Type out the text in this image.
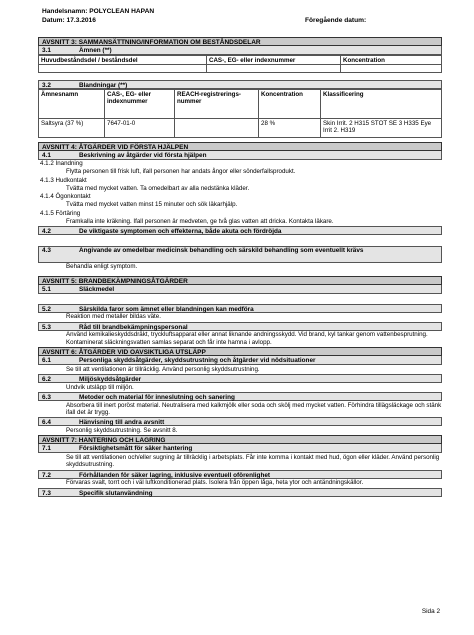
Handelsnamn: POLYCLEAN HAPAN
Datum: 17.3.2016	Föregående datum:
AVSNITT 3: SAMMANSÄTTNING/INFORMATION OM BESTÅNDSDELAR
3.1	Ämnen (**)
Huvudbeståndsdel / beståndsdel	CAS-, EG- eller indexnummer	Koncentration

3.2	Blandningar (**)
Ämnesnamn	CAS-, EG- eller indexnummer	REACH-registrerings-nummer	Koncentration	Klassificering
Saltsyra (37 %)	7647-01-0		28 %	Skin Irrit. 2 H315 STOT SE 3 H335 Eye Irrit 2. H319
AVSNITT 4: ÅTGÄRDER VID FÖRSTA HJÄLPEN
4.1	Beskrivning av åtgärder vid första hjälpen
4.1.2 Inandning
Flytta personen till frisk luft, ifall personen har andats ångor eller sönderfallsprodukt.
4.1.3 Hudkontakt
Tvätta med mycket vatten. Ta omedelbart av alla nedstänka kläder.
4.1.4 Ögonkontakt
Tvätta med mycket vatten minst 15 minuter och sök läkarhjälp.
4.1.5 Förtäring
Framkalla inte kräkning. Ifall personen är medveten, ge två glas vatten att dricka. Kontakta läkare.
4.2	De viktigaste symptomen och effekterna, både akuta och fördröjda
4.3	Angivande av omedelbar medicinsk behandling och särskild behandling som eventuellt krävs
Behandla enligt symptom.
AVSNITT 5: BRANDBEKÄMPNINGSÅTGÄRDER
5.1	Släckmedel
5.2	Särskilda faror som ämnet eller blandningen kan medföra
Reaktion med metaller bildas väte.
5.3	Råd till brandbekämpningspersonal
Använd kemikalieskyddsdräkt, tryckluftsapparat eller annat liknande andningsskydd. Vid brand, kyl tankar genom vattenbesprutning. Kontaminerat släckningsvatten samlas separat och får inte hamna i avlopp.
AVSNITT 6: ÅTGÄRDER VID OAVSIKTLIGA UTSLÄPP
6.1	Personliga skyddsåtgärder, skyddsutrustning och åtgärder vid nödsituationer
Se till att ventilationen är tillräcklig. Använd personlig skyddsutrustning.
6.2	Miljöskyddsåtgärder
Undvik utsläpp till miljön.
6.3	Metoder och material för inneslutning och sanering
Absorbera till inert poröst material. Neutralisera med kalkmjölk eller soda och skölj med mycket vatten. Förhindra tillägsläckage och stänk ifall det är trygg.
6.4	Hänvisning till andra avsnitt
Personlig skyddsutrustning. Se avsnitt 8.
AVSNITT 7: HANTERING OCH LAGRING
7.1	Försiktighetsmått för säker hantering
Se till att ventilationen och/eller sugning är tillräcklig i arbetsplats. Får inte komma i kontakt med hud, ögon eller kläder. Använd personlig skyddsutrustning.
7.2	Förhållanden för säker lagring, inklusive eventuell oförenlighet
Förvaras svalt, torrt och i väl luftkonditionerad plats. Isolera från öppen låga, heta ytor och antändningskällor.
7.3	Specifik slutanvändning
Sida 2
